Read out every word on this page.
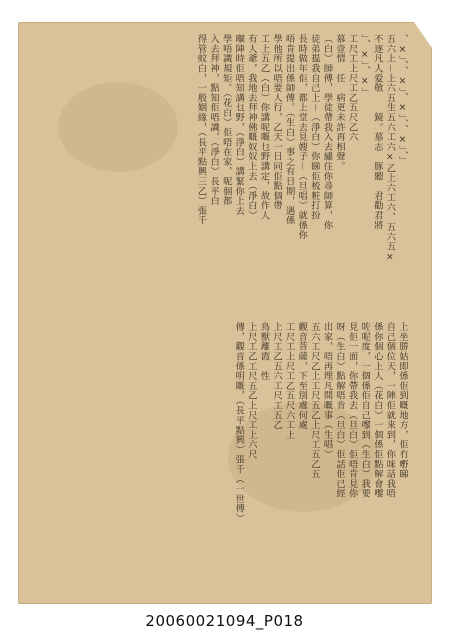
、×」、、×」、×」、、×」、」
五六上－上六五生五六工六×乙上六工六、五六五×
不逐凡人爱敬　　鏡。墓志　豚聽　君勸君將
」、×」、×」
工尺工上尺工乙五尺乙六
慕壹情　任　病更未許再相聲。
（白）師傅，學徒帶我入去繡住你尋師算，你
徒弟揾我自己上－（淨白）你睇佢梳粧打扮
長時做年佢，都上堂去見嫂子－（旦唱）就係你
唔肯提出係師傅。（生白）事之有日期，遇係
學他所以唔要人行，乙天一日同佢點個帶
工上五乙（白）你講呢嘅乜野講定，故作人
有人爺，我地去拜神佛嘅奴奴上去（淨白）
嗰陣時佢唔知講乜野，（淨白）講緊你上去
學唔識規矩。（花白）佢唔在家，呢個都
入去拜神，點知佢唔識，（淨白）長平白
得管蚊白，一般姻緣，（長平點興三乙）張千
上坐勝姑即係佢到嘅地方，佢冇嘢睇
自己個位天，一陣佢就來到，你咪話我唔
係你個心上人（花白）一個係佢點解會嚟
咗呢度，一個係佢自己嚟到（生白）我要
見佢一面，你帶我去（旦白）佢唔肯見你
呀（生白）點解唔肯（旦白）佢話佢已經
出家，唔再理凡間嘅事（生唱）
五六工尺乙上工尺五乙上尺工五乙五
觀音菩薩，下至別處何處
工尺工上尺工乙五尺六工上
上尺工乙五六工尺工五乙
鳥獸離霞　性
上尺工乙工尺五乙上尺工上六尺
傳，觀音係明嘅，（長平點興）張千（一世傳）
20060021094_P018
